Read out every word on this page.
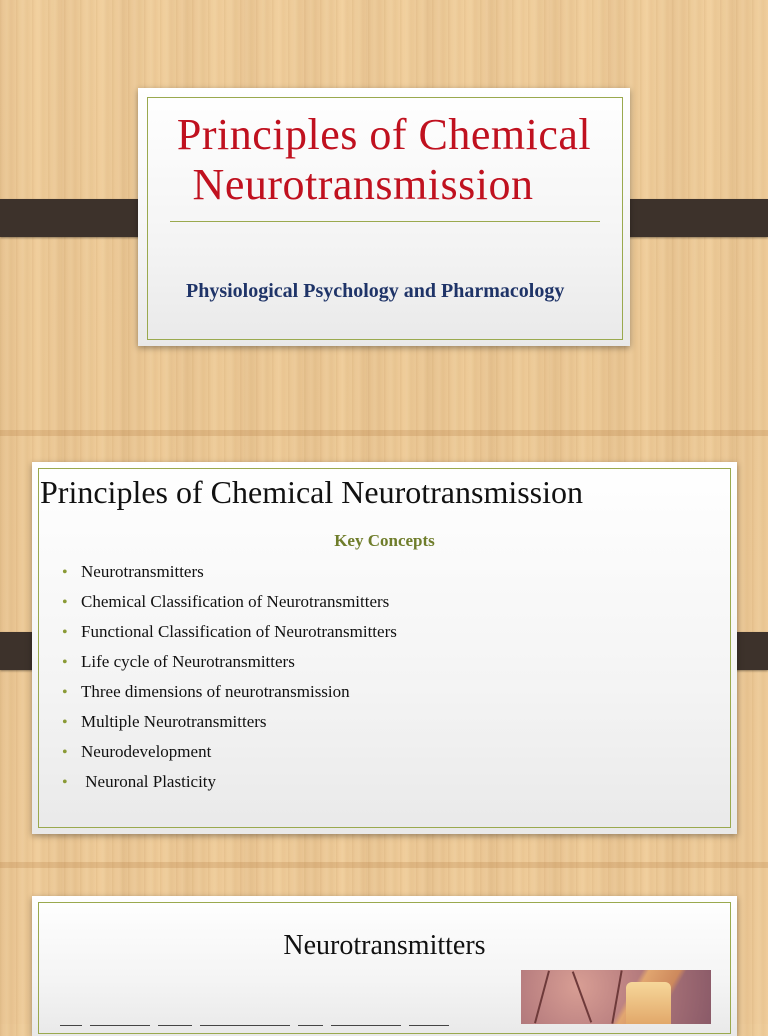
Principles of Chemical
Neurotransmission
Physiological Psychology and Pharmacology
Principles of Chemical Neurotransmission
Key Concepts
• Neurotransmitters
• Chemical Classification of Neurotransmitters
• Functional Classification of Neurotransmitters
• Life cycle of Neurotransmitters
• Three dimensions of neurotransmission
• Multiple Neurotransmitters
• Neurodevelopment
• Neuronal Plasticity
Neurotransmitters
